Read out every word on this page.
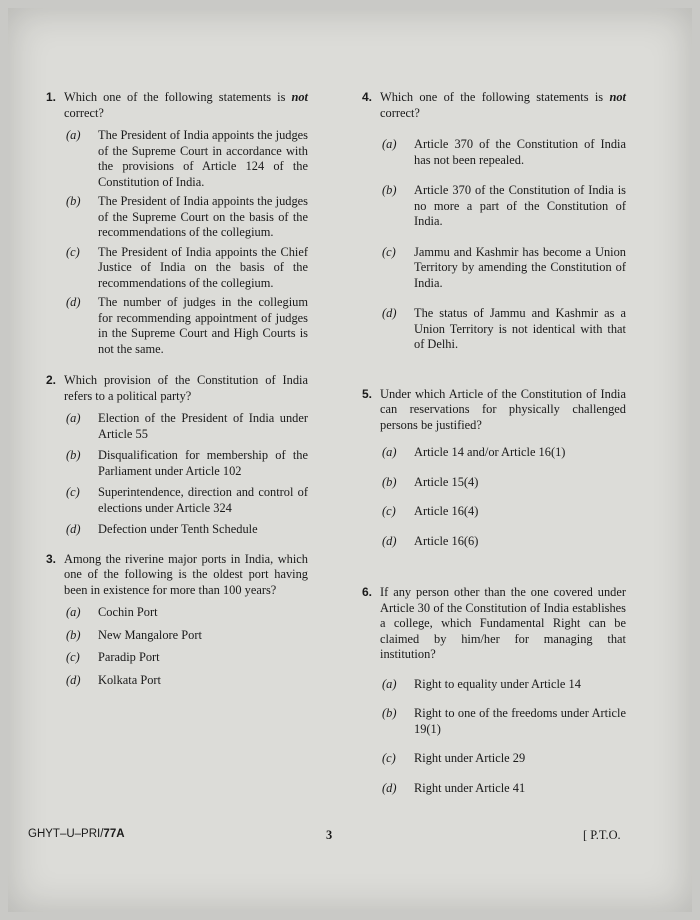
1. Which one of the following statements is not correct?
(a) The President of India appoints the judges of the Supreme Court in accordance with the provisions of Article 124 of the Constitution of India.
(b) The President of India appoints the judges of the Supreme Court on the basis of the recommendations of the collegium.
(c) The President of India appoints the Chief Justice of India on the basis of the recommendations of the collegium.
(d) The number of judges in the collegium for recommending appointment of judges in the Supreme Court and High Courts is not the same.
2. Which provision of the Constitution of India refers to a political party?
(a) Election of the President of India under Article 55
(b) Disqualification for membership of the Parliament under Article 102
(c) Superintendence, direction and control of elections under Article 324
(d) Defection under Tenth Schedule
3. Among the riverine major ports in India, which one of the following is the oldest port having been in existence for more than 100 years?
(a) Cochin Port
(b) New Mangalore Port
(c) Paradip Port
(d) Kolkata Port
4. Which one of the following statements is not correct?
(a) Article 370 of the Constitution of India has not been repealed.
(b) Article 370 of the Constitution of India is no more a part of the Constitution of India.
(c) Jammu and Kashmir has become a Union Territory by amending the Constitution of India.
(d) The status of Jammu and Kashmir as a Union Territory is not identical with that of Delhi.
5. Under which Article of the Constitution of India can reservations for physically challenged persons be justified?
(a) Article 14 and/or Article 16(1)
(b) Article 15(4)
(c) Article 16(4)
(d) Article 16(6)
6. If any person other than the one covered under Article 30 of the Constitution of India establishes a college, which Fundamental Right can be claimed by him/her for managing that institution?
(a) Right to equality under Article 14
(b) Right to one of the freedoms under Article 19(1)
(c) Right under Article 29
(d) Right under Article 41
GHYT–U–PRI/77A	3	[ P.T.O.
